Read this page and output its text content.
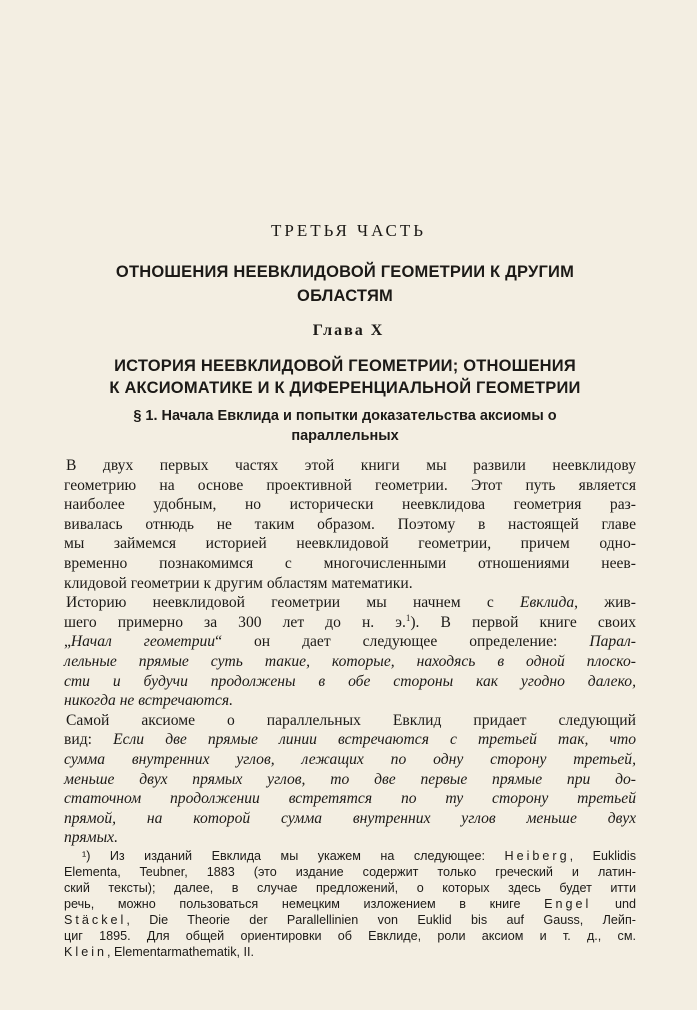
ТРЕТЬЯ ЧАСТЬ
ОТНОШЕНИЯ НЕЕВКЛИДОВОЙ ГЕОМЕТРИИ К ДРУГИМ
ОБЛАСТЯМ
Глава X
ИСТОРИЯ НЕЕВКЛИДОВОЙ ГЕОМЕТРИИ; ОТНОШЕНИЯ
К АКСИОМАТИКЕ И К ДИФЕРЕНЦИАЛЬНОЙ ГЕОМЕТРИИ
§ 1. Начала Евклида и попытки доказательства аксиомы о
параллельных

В двух первых частях этой книги мы развили неевклидову
геометрию на основе проективной геометрии. Этот путь является
наиболее удобным, но исторически неевклидова геометрия раз-
вивалась отнюдь не таким образом. Поэтому в настоящей главе
мы займемся историей неевклидовой геометрии, причем одно-
временно познакомимся с многочисленными отношениями неев-
клидовой геометрии к другим областям математики.

Историю неевклидовой геометрии мы начнем с Евклида, жив-
шего примерно за 300 лет до н. э.$^1$). В первой книге своих
„Начал геометрии“ он дает следующее определение: Парал-
лельные прямые суть такие, которые, находясь в одной плоско-
сти и будучи продолжены в обе стороны как угодно далеко,
никогда не встречаются.

Самой аксиоме о параллельных Евклид придает следующий
вид: Если две прямые линии встречаются с третьей так, что
сумма внутренних углов, лежащих по одну сторону третьей,
меньше двух прямых углов, то две первые прямые при до-
статочном продолжении встретятся по ту сторону третьей
прямой, на которой сумма внутренних углов меньше двух
прямых.

¹) Из изданий Евклида мы укажем на следующее: Heiberg, Euklidis
Elementa, Teubner, 1883 (это издание содержит только греческий и латин-
ский тексты); далее, в случае предложений, о которых здесь будет итти
речь, можно пользоваться немецким изложением в книге Engel und
Stäckel, Die Theorie der Parallellinien von Euklid bis auf Gauss, Лейп-
циг 1895. Для общей ориентировки об Евклиде, роли аксиом и т. д., см.
Klein, Elementarmathematik, II.
